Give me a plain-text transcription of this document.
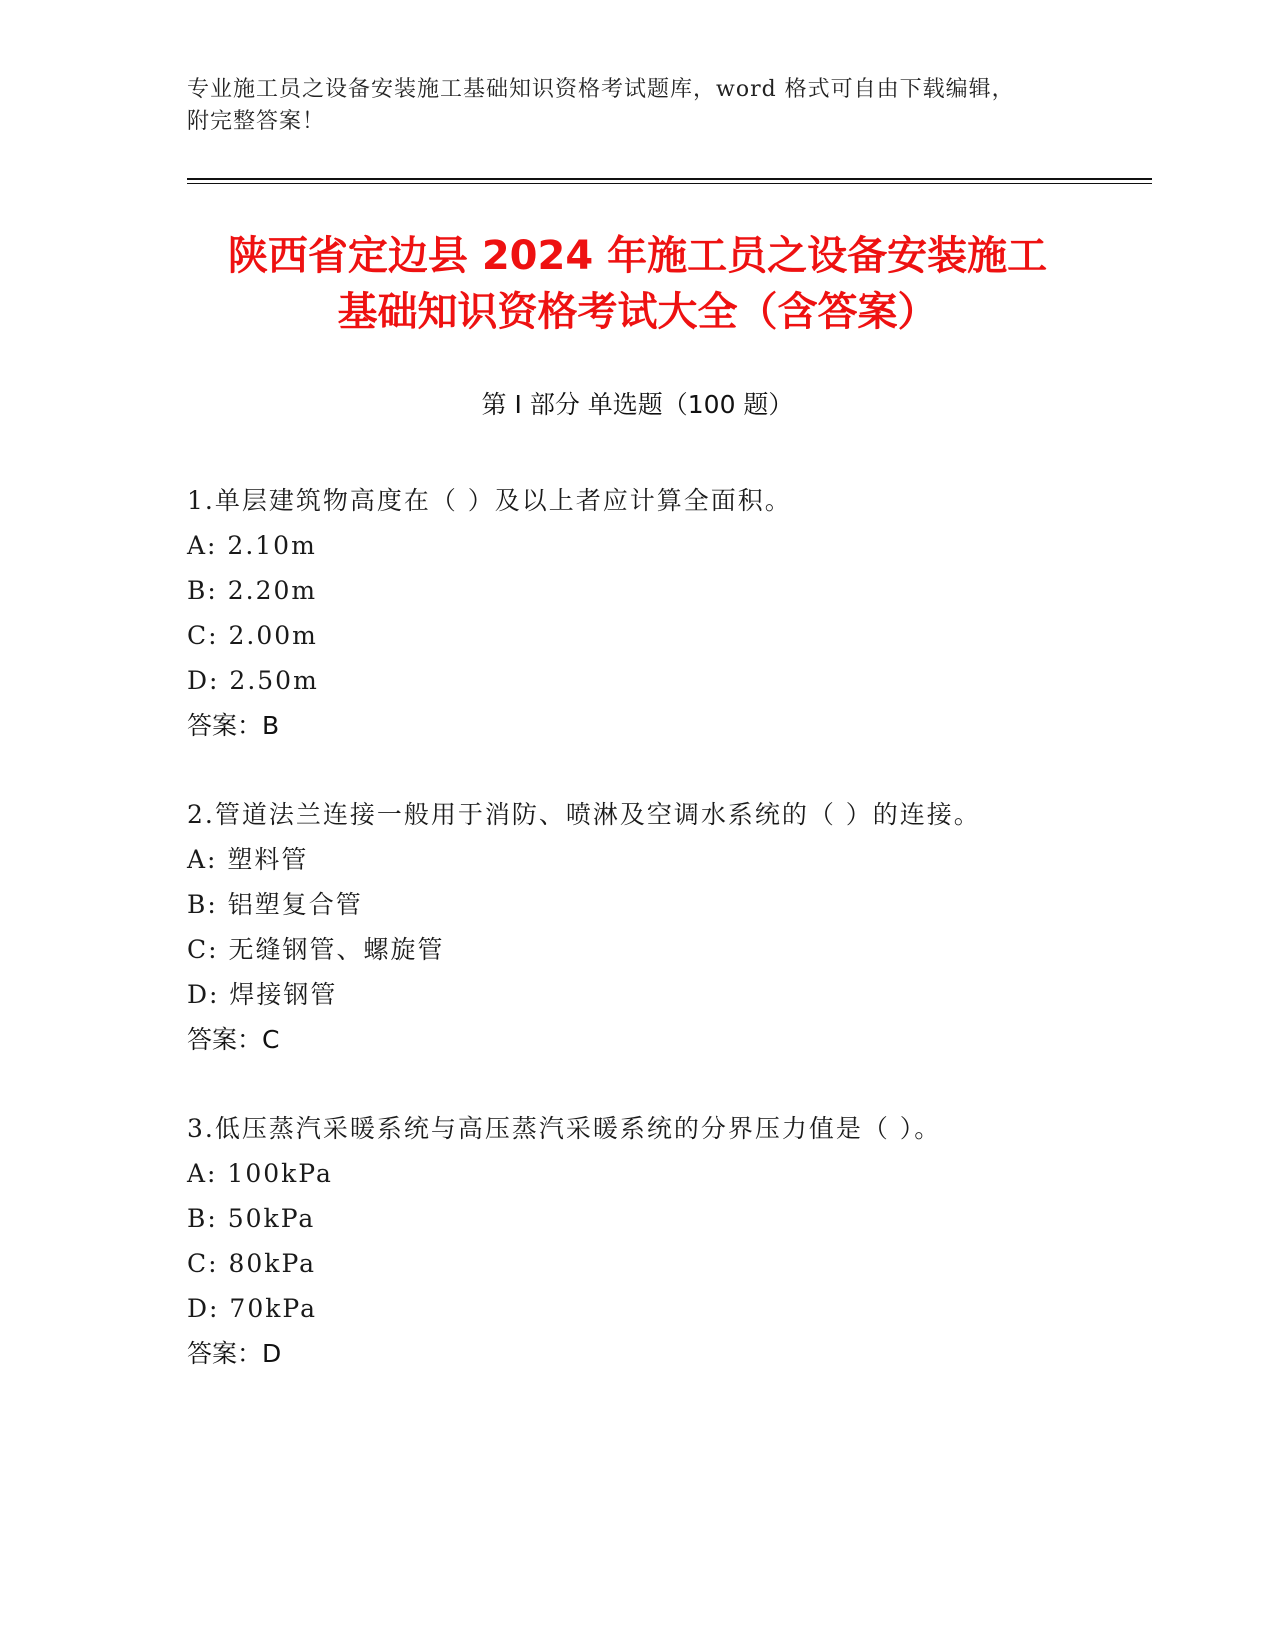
专业施工员之设备安装施工基础知识资格考试题库，word 格式可自由下载编辑，
附完整答案！
陕西省定边县 2024 年施工员之设备安装施工
基础知识资格考试大全（含答案）
第 I 部分 单选题（100 题）
1.单层建筑物高度在（ ）及以上者应计算全面积。
A: 2.10m
B: 2.20m
C: 2.00m
D: 2.50m
答案：B
2.管道法兰连接一般用于消防、喷淋及空调水系统的（ ）的连接。
A: 塑料管
B: 铝塑复合管
C: 无缝钢管、螺旋管
D: 焊接钢管
答案：C
3.低压蒸汽采暖系统与高压蒸汽采暖系统的分界压力值是（ ）。
A: 100kPa
B: 50kPa
C: 80kPa
D: 70kPa
答案：D
